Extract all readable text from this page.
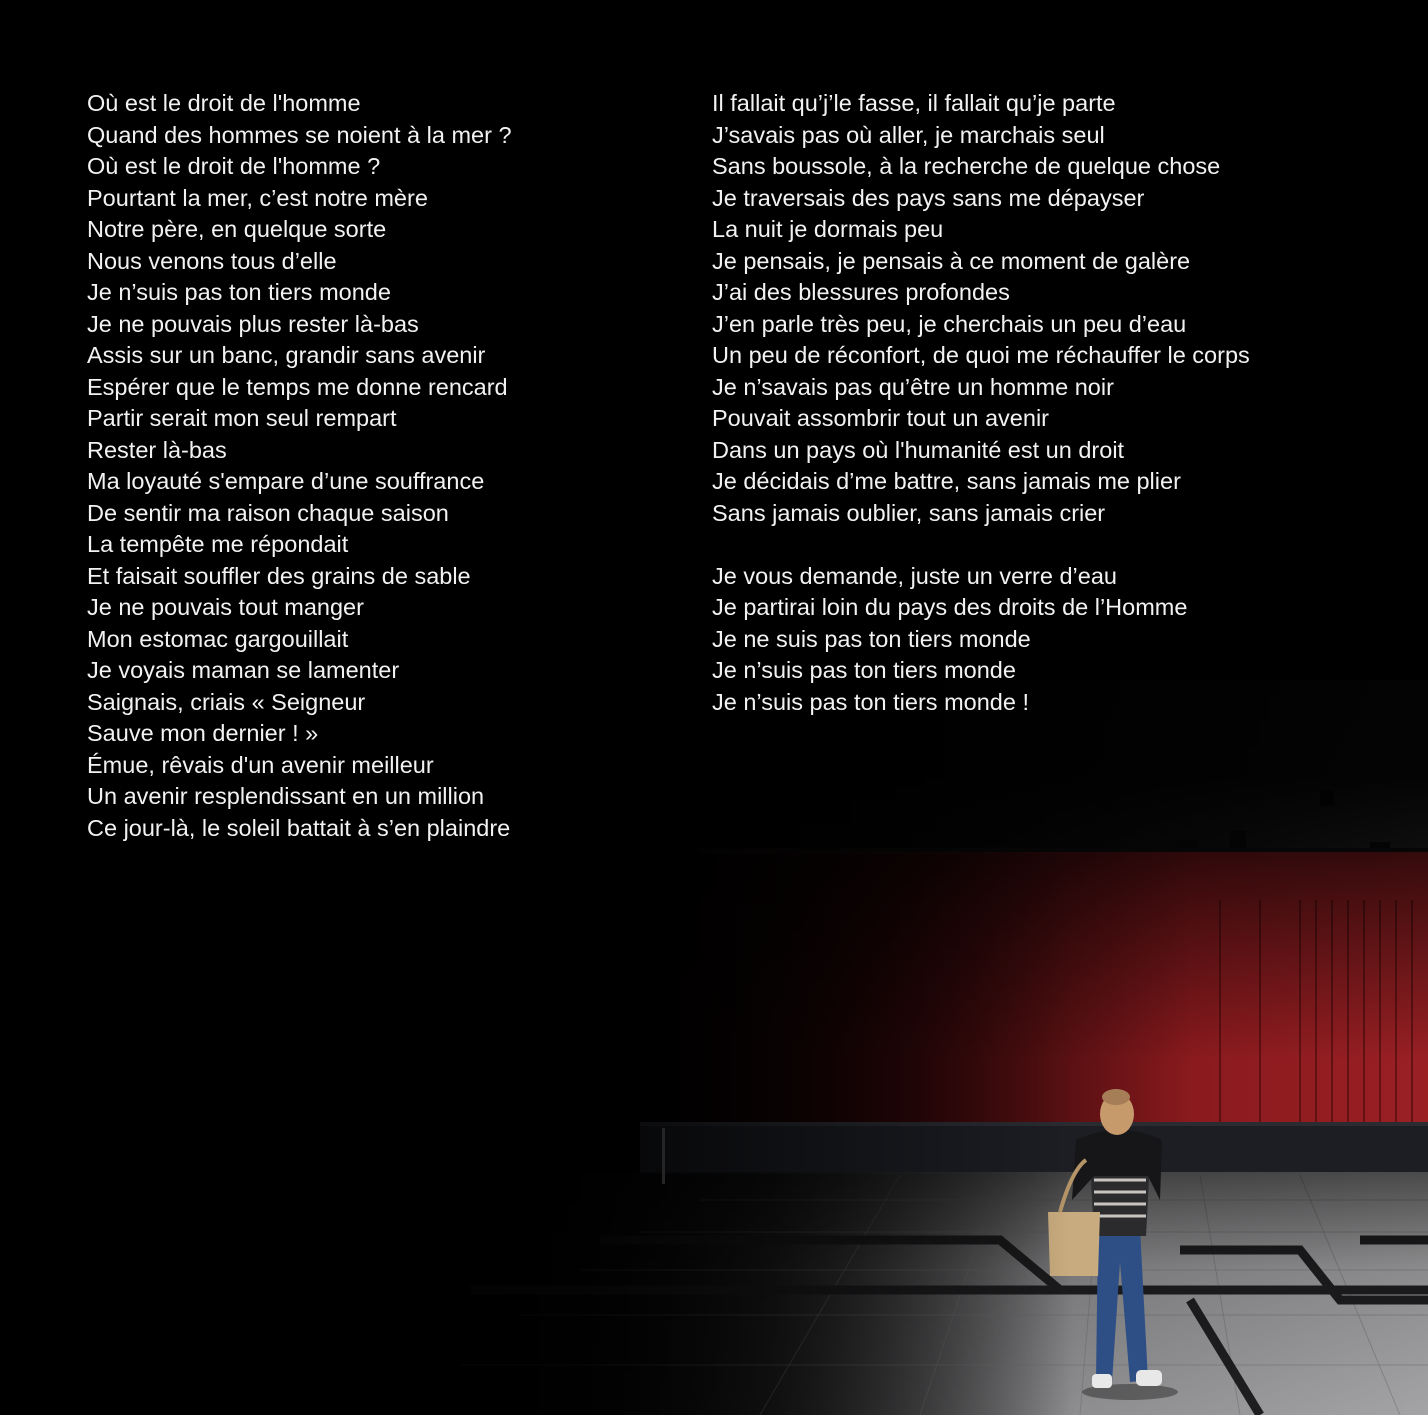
Où est le droit de l'homme
Quand des hommes se noient à la mer ?
Où est le droit de l'homme ?
Pourtant la mer, c’est notre mère
Notre père, en quelque sorte
Nous venons tous d’elle
Je n’suis pas ton tiers monde
Je ne pouvais plus rester là-bas
Assis sur un banc, grandir sans avenir
Espérer que le temps me donne rencard
Partir serait mon seul rempart
Rester là-bas
Ma loyauté s'empare d’une souffrance
De sentir ma raison chaque saison
La tempête me répondait
Et faisait souffler des grains de sable
Je ne pouvais tout manger
Mon estomac gargouillait
Je voyais maman se lamenter
Saignais, criais « Seigneur
Sauve mon dernier ! »
Émue, rêvais d'un avenir meilleur
Un avenir resplendissant en un million
Ce jour-là, le soleil battait à s’en plaindre
Il fallait qu’j’le fasse, il fallait qu’je parte
J’savais pas où aller, je marchais seul
Sans boussole, à la recherche de quelque chose
Je traversais des pays sans me dépayser
La nuit je dormais peu
Je pensais, je pensais à ce moment de galère
J’ai des blessures profondes
J’en parle très peu, je cherchais un peu d’eau
Un peu de réconfort, de quoi me réchauffer le corps
Je n’savais pas qu’être un homme noir
Pouvait assombrir tout un avenir
Dans un pays où l'humanité est un droit
Je décidais d’me battre, sans jamais me plier
Sans jamais oublier, sans jamais crier
Je vous demande, juste un verre d’eau
Je partirai loin du pays des droits de l’Homme
Je ne suis pas ton tiers monde
Je n’suis pas ton tiers monde
Je n’suis pas ton tiers monde !
